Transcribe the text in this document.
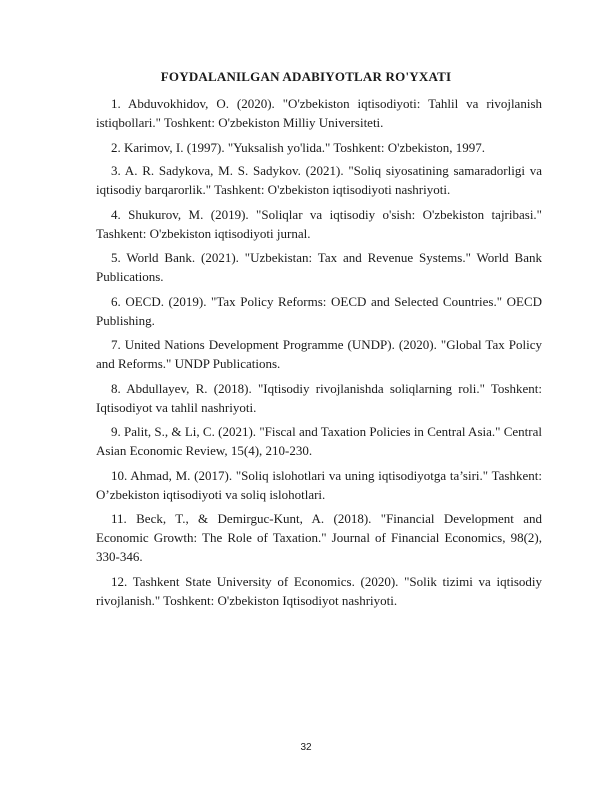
FOYDALANILGAN ADABIYOTLAR RO'YXATI

1. Abduvokhidov, O. (2020). "O'zbekiston iqtisodiyoti: Tahlil va rivojlanish istiqbollari." Toshkent: O'zbekiston Milliy Universiteti.

2. Karimov, I. (1997). "Yuksalish yo'lida." Toshkent: O'zbekiston, 1997.

3. A. R. Sadykova, M. S. Sadykov. (2021). "Soliq siyosatining samaradorligi va iqtisodiy barqarorlik." Tashkent: O'zbekiston iqtisodiyoti nashriyoti.

4. Shukurov, M. (2019). "Soliqlar va iqtisodiy o'sish: O'zbekiston tajribasi." Tashkent: O'zbekiston iqtisodiyoti jurnal.

5. World Bank. (2021). "Uzbekistan: Tax and Revenue Systems." World Bank Publications.

6. OECD. (2019). "Tax Policy Reforms: OECD and Selected Countries." OECD Publishing.

7. United Nations Development Programme (UNDP). (2020). "Global Tax Policy and Reforms." UNDP Publications.

8. Abdullayev, R. (2018). "Iqtisodiy rivojlanishda soliqlarning roli." Toshkent: Iqtisodiyot va tahlil nashriyoti.

9. Palit, S., & Li, C. (2021). "Fiscal and Taxation Policies in Central Asia." Central Asian Economic Review, 15(4), 210-230.

10. Ahmad, M. (2017). "Soliq islohotlari va uning iqtisodiyotga ta’siri." Tashkent: O’zbekiston iqtisodiyoti va soliq islohotlari.

11. Beck, T., & Demirguc-Kunt, A. (2018). "Financial Development and Economic Growth: The Role of Taxation." Journal of Financial Economics, 98(2), 330-346.

12. Tashkent State University of Economics. (2020). "Solik tizimi va iqtisodiy rivojlanish." Toshkent: O'zbekiston Iqtisodiyot nashriyoti.

32
